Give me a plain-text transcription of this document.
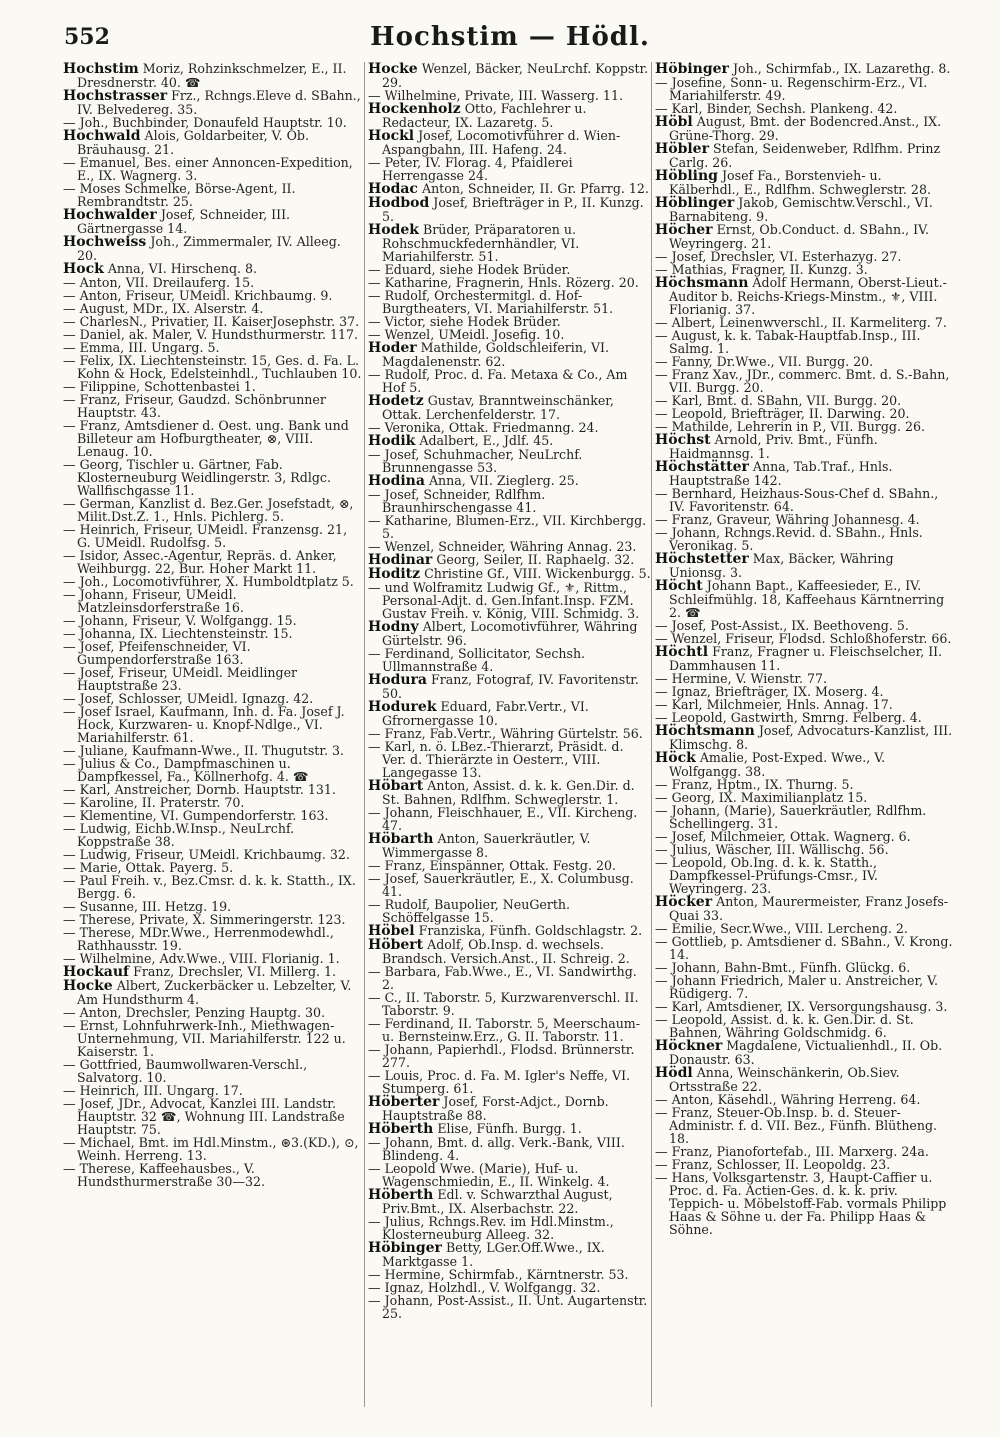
552	Hochstim — Hödl.

Hochstim Moriz, Rohzinkschmelzer, E., II. Dresdnerstr. 40. ☎

Hochstrasser Frz., Rchngs.Eleve d. SBahn., IV. Belvedereg. 35.

— Joh., Buchbinder, Donaufeld Hauptstr. 10.

Hochwald Alois, Goldarbeiter, V. Ob. Bräuhausg. 21.

— Emanuel, Bes. einer Annoncen-Expedition, E., IX. Wagnerg. 3.

— Moses Schmelke, Börse-Agent, II. Rembrandtstr. 25.

Hochwalder Josef, Schneider, III. Gärtnergasse 14.

Hochweiss Joh., Zimmermaler, IV. Alleeg. 20.

Hock Anna, VI. Hirschenq. 8.

— Anton, VII. Dreilauferg. 15.

— Anton, Friseur, UMeidl. Krichbaumg. 9.

— August, MDr., IX. Alserstr. 4.

— CharlesN., Privatier, II. KaiserJosephstr. 37.

— Daniel, ak. Maler, V. Hundsthurmerstr. 117.

— Emma, III. Ungarg. 5.

— Felix, IX. Liechtensteinstr. 15, Ges. d. Fa. L. Kohn & Hock, Edelsteinhdl., Tuchlauben 10.

— Filippine, Schottenbastei 1.

— Franz, Friseur, Gaudzd. Schönbrunner Hauptstr. 43.

— Franz, Amtsdiener d. Oest. ung. Bank und Billeteur am Hofburgtheater, ⊗, VIII. Lenaug. 10.

— Georg, Tischler u. Gärtner, Fab. Klosterneuburg Weidlingerstr. 3, Rdlgc. Wallfischgasse 11.

— German, Kanzlist d. Bez.Ger. Josefstadt, ⊗, Milit.Dst.Z. 1., Hnls. Pichlerg. 5.

— Heinrich, Friseur, UMeidl. Franzensg. 21, G. UMeidl. Rudolfsg. 5.

— Isidor, Assec.-Agentur, Repräs. d. Anker, Weihburgg. 22, Bur. Hoher Markt 11.

— Joh., Locomotivführer, X. Humboldtplatz 5.

— Johann, Friseur, UMeidl. Matzleinsdorferstraße 16.

— Johann, Friseur, V. Wolfgangg. 15.

— Johanna, IX. Liechtensteinstr. 15.

— Josef, Pfeifenschneider, VI. Gumpendorferstraße 163.

— Josef, Friseur, UMeidl. Meidlinger Hauptstraße 23.

— Josef, Schlosser, UMeidl. Ignazg. 42.

— Josef Israel, Kaufmann, Inh. d. Fa. Josef J. Hock, Kurzwaren- u. Knopf-Ndlge., VI. Mariahilferstr. 61.

— Juliane, Kaufmann-Wwe., II. Thugutstr. 3.

— Julius & Co., Dampfmaschinen u. Dampfkessel, Fa., Köllnerhofg. 4. ☎

— Karl, Anstreicher, Dornb. Hauptstr. 131.

— Karoline, II. Praterstr. 70.

— Klementine, VI. Gumpendorferstr. 163.

— Ludwig, Eichb.W.Insp., NeuLrchf. Koppstraße 38.

— Ludwig, Friseur, UMeidl. Krichbaumg. 32.

— Marie, Ottak. Payerg. 5.

— Paul Freih. v., Bez.Cmsr. d. k. k. Statth., IX. Bergg. 6.

— Susanne, III. Hetzg. 19.

— Therese, Private, X. Simmeringerstr. 123.

— Therese, MDr.Wwe., Herrenmodewhdl., Rathhausstr. 19.

— Wilhelmine, Adv.Wwe., VIII. Florianig. 1.

Hockauf Franz, Drechsler, VI. Millerg. 1.

Hocke Albert, Zuckerbäcker u. Lebzelter, V. Am Hundsthurm 4.

— Anton, Drechsler, Penzing Hauptg. 30.

— Ernst, Lohnfuhrwerk-Inh., Miethwagen-Unternehmung, VII. Mariahilferstr. 122 u. Kaiserstr. 1.

— Gottfried, Baumwollwaren-Verschl., Salvatorg. 10.

— Heinrich, III. Ungarg. 17.

— Josef, JDr., Advocat, Kanzlei III. Landstr. Hauptstr. 32 ☎, Wohnung III. Landstraße Hauptstr. 75.

— Michael, Bmt. im Hdl.Minstm., ⊛3.(KD.), ⊙, Weinh. Herreng. 13.

— Therese, Kaffeehausbes., V. Hundsthurmerstraße 30—32.

Hocke Wenzel, Bäcker, NeuLrchf. Koppstr. 29.

— Wilhelmine, Private, III. Wasserg. 11.

Hockenholz Otto, Fachlehrer u. Redacteur, IX. Lazaretg. 5.

Hockl Josef, Locomotivführer d. Wien-Aspangbahn, III. Hafeng. 24.

— Peter, IV. Florag. 4, Pfaidlerei Herrengasse 24.

Hodac Anton, Schneider, II. Gr. Pfarrg. 12.

Hodbod Josef, Briefträger in P., II. Kunzg. 5.

Hodek Brüder, Präparatoren u. Rohschmuckfedernhändler, VI. Mariahilferstr. 51.

— Eduard, siehe Hodek Brüder.

— Katharine, Fragnerin, Hnls. Rözerg. 20.

— Rudolf, Orchestermitgl. d. Hof-Burgtheaters, VI. Mariahilferstr. 51.

— Victor, siehe Hodek Brüder.

— Wenzel, UMeidl. Josefig. 10.

Hoder Mathilde, Goldschleiferin, VI. Magdalenenstr. 62.

— Rudolf, Proc. d. Fa. Metaxa & Co., Am Hof 5.

Hodetz Gustav, Branntweinschänker, Ottak. Lerchenfelderstr. 17.

— Veronika, Ottak. Friedmanng. 24.

Hodik Adalbert, E., Jdlf. 45.

— Josef, Schuhmacher, NeuLrchf. Brunnengasse 53.

Hodina Anna, VII. Zieglerg. 25.

— Josef, Schneider, Rdlfhm. Braunhirschengasse 41.

— Katharine, Blumen-Erz., VII. Kirchbergg. 5.

— Wenzel, Schneider, Währing Annag. 23.

Hodinar Georg, Seiler, II. Raphaelg. 32.

Hoditz Christine Gf., VIII. Wickenburgg. 5.

— und Wolframitz Ludwig Gf., ⚜, Rittm., Personal-Adjt. d. Gen.Infant.Insp. FZM. Gustav Freih. v. König, VIII. Schmidg. 3.

Hodny Albert, Locomotivführer, Währing Gürtelstr. 96.

— Ferdinand, Sollicitator, Sechsh. Ullmannstraße 4.

Hodura Franz, Fotograf, IV. Favoritenstr. 50.

Hodurek Eduard, Fabr.Vertr., VI. Gfrornergasse 10.

— Franz, Fab.Vertr., Währing Gürtelstr. 56.

— Karl, n. ö. LBez.-Thierarzt, Präsidt. d. Ver. d. Thierärzte in Oesterr., VIII. Langegasse 13.

Höbart Anton, Assist. d. k. k. Gen.Dir. d. St. Bahnen, Rdlfhm. Schweglerstr. 1.

— Johann, Fleischhauer, E., VII. Kircheng. 47.

Höbarth Anton, Sauerkräutler, V. Wimmergasse 8.

— Franz, Einspänner, Ottak. Festg. 20.

— Josef, Sauerkräutler, E., X. Columbusg. 41.

— Rudolf, Baupolier, NeuGerth. Schöffelgasse 15.

Höbel Franziska, Fünfh. Goldschlagstr. 2.

Höbert Adolf, Ob.Insp. d. wechsels. Brandsch. Versich.Anst., II. Schreig. 2.

— Barbara, Fab.Wwe., E., VI. Sandwirthg. 2.

— C., II. Taborstr. 5, Kurzwarenverschl. II. Taborstr. 9.

— Ferdinand, II. Taborstr. 5, Meerschaum- u. Bernsteinw.Erz., G. II. Taborstr. 11.

— Johann, Papierhdl., Flodsd. Brünnerstr. 277.

— Louis, Proc. d. Fa. M. Igler's Neffe, VI. Stumperg. 61.

Höberter Josef, Forst-Adjct., Dornb. Hauptstraße 88.

Höberth Elise, Fünfh. Burgg. 1.

— Johann, Bmt. d. allg. Verk.-Bank, VIII. Blindeng. 4.

— Leopold Wwe. (Marie), Huf- u. Wagenschmiedin, E., II. Winkelg. 4.

Höberth Edl. v. Schwarzthal August, Priv.Bmt., IX. Alserbachstr. 22.

— Julius, Rchngs.Rev. im Hdl.Minstm., Klosterneuburg Alleeg. 32.

Höbinger Betty, LGer.Off.Wwe., IX. Marktgasse 1.

— Hermine, Schirmfab., Kärntnerstr. 53.

— Ignaz, Holzhdl., V. Wolfgangg. 32.

— Johann, Post-Assist., II. Unt. Augartenstr. 25.

Höbinger Joh., Schirmfab., IX. Lazarethg. 8.

— Josefine, Sonn- u. Regenschirm-Erz., VI. Mariahilferstr. 49.

— Karl, Binder, Sechsh. Plankeng. 42.

Höbl August, Bmt. der Bodencred.Anst., IX. Grüne-Thorg. 29.

Höbler Stefan, Seidenweber, Rdlfhm. Prinz Carlg. 26.

Höbling Josef Fa., Borstenvieh- u. Kälberhdl., E., Rdlfhm. Schweglerstr. 28.

Höblinger Jakob, Gemischtw.Verschl., VI. Barnabiteng. 9.

Höcher Ernst, Ob.Conduct. d. SBahn., IV. Weyringerg. 21.

— Josef, Drechsler, VI. Esterhazyg. 27.

— Mathias, Fragner, II. Kunzg. 3.

Höchsmann Adolf Hermann, Oberst-Lieut.-Auditor b. Reichs-Kriegs-Minstm., ⚜, VIII. Florianig. 37.

— Albert, Leinenwverschl., II. Karmeliterg. 7.

— August, k. k. Tabak-Hauptfab.Insp., III. Salmg. 1.

— Fanny, Dr.Wwe., VII. Burgg. 20.

— Franz Xav., JDr., commerc. Bmt. d. S.-Bahn, VII. Burgg. 20.

— Karl, Bmt. d. SBahn, VII. Burgg. 20.

— Leopold, Briefträger, II. Darwing. 20.

— Mathilde, Lehrerin in P., VII. Burgg. 26.

Höchst Arnold, Priv. Bmt., Fünfh. Haidmannsg. 1.

Höchstätter Anna, Tab.Traf., Hnls. Hauptstraße 142.

— Bernhard, Heizhaus-Sous-Chef d. SBahn., IV. Favoritenstr. 64.

— Franz, Graveur, Währing Johannesg. 4.

— Johann, Rchngs.Revid. d. SBahn., Hnls. Veronikag. 5.

Höchstetter Max, Bäcker, Währing Unionsg. 3.

Höcht Johann Bapt., Kaffeesieder, E., IV. Schleifmühlg. 18, Kaffeehaus Kärntnerring 2. ☎

— Josef, Post-Assist., IX. Beethoveng. 5.

— Wenzel, Friseur, Flodsd. Schloßhoferstr. 66.

Höchtl Franz, Fragner u. Fleischselcher, II. Dammhausen 11.

— Hermine, V. Wienstr. 77.

— Ignaz, Briefträger, IX. Moserg. 4.

— Karl, Milchmeier, Hnls. Annag. 17.

— Leopold, Gastwirth, Smrng. Felberg. 4.

Höchtsmann Josef, Advocaturs-Kanzlist, III. Klimschg. 8.

Höck Amalie, Post-Exped. Wwe., V. Wolfgangg. 38.

— Franz, Hptm., IX. Thurng. 5.

— Georg, IX. Maximilianplatz 15.

— Johann, (Marie), Sauerkräutler, Rdlfhm. Schellingerg. 31.

— Josef, Milchmeier, Ottak. Wagnerg. 6.

— Julius, Wäscher, III. Wällischg. 56.

— Leopold, Ob.Ing. d. k. k. Statth., Dampfkessel-Prüfungs-Cmsr., IV. Weyringerg. 23.

Höcker Anton, Maurermeister, Franz Josefs-Quai 33.

— Emilie, Secr.Wwe., VIII. Lercheng. 2.

— Gottlieb, p. Amtsdiener d. SBahn., V. Krong. 14.

— Johann, Bahn-Bmt., Fünfh. Glückg. 6.

— Johann Friedrich, Maler u. Anstreicher, V. Rüdigerg. 7.

— Karl, Amtsdiener, IX. Versorgungshausg. 3.

— Leopold, Assist. d. k. k. Gen.Dir. d. St. Bahnen, Währing Goldschmidg. 6.

Höckner Magdalene, Victualienhdl., II. Ob. Donaustr. 63.

Hödl Anna, Weinschänkerin, Ob.Siev. Ortsstraße 22.

— Anton, Käsehdl., Währing Herreng. 64.

— Franz, Steuer-Ob.Insp. b. d. Steuer-Administr. f. d. VII. Bez., Fünfh. Blütheng. 18.

— Franz, Pianofortefab., III. Marxerg. 24a.

— Franz, Schlosser, II. Leopoldg. 23.

— Hans, Volksgartenstr. 3, Haupt-Caffier u. Proc. d. Fa. Actien-Ges. d. k. k. priv. Teppich- u. Möbelstoff-Fab. vormals Philipp Haas & Söhne u. der Fa. Philipp Haas & Söhne.
